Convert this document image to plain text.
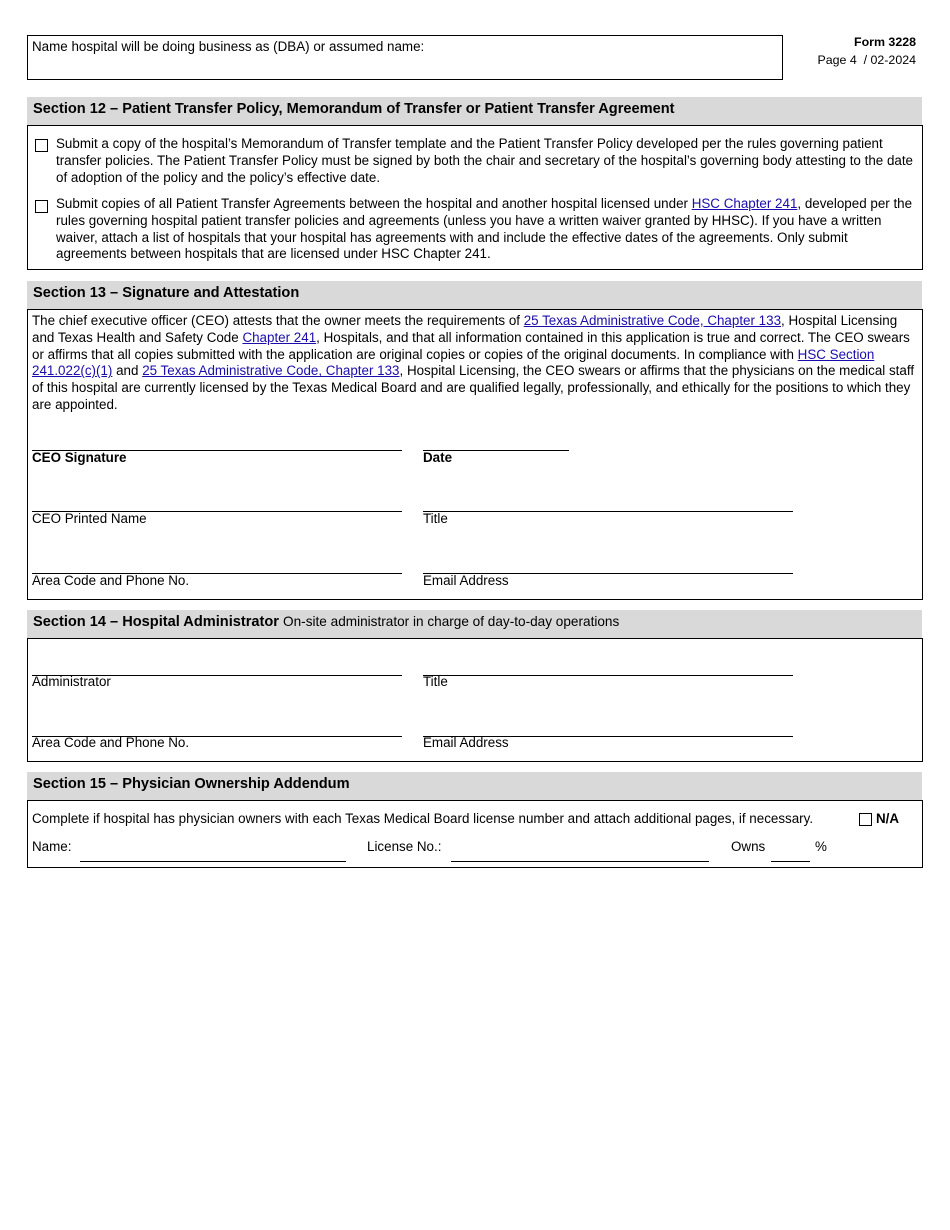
Name hospital will be doing business as (DBA) or assumed name:	Form 3228
Page 4  / 02-2024
Section 12 – Patient Transfer Policy, Memorandum of Transfer or Patient Transfer Agreement
Submit a copy of the hospital’s Memorandum of Transfer template and the Patient Transfer Policy developed per the rules governing patient transfer policies. The Patient Transfer Policy must be signed by both the chair and secretary of the hospital’s governing body attesting to the date of adoption of the policy and the policy’s effective date.
Submit copies of all Patient Transfer Agreements between the hospital and another hospital licensed under HSC Chapter 241, developed per the rules governing hospital patient transfer policies and agreements (unless you have a written waiver granted by HHSC). If you have a written waiver, attach a list of hospitals that your hospital has agreements with and include the effective dates of the agreements. Only submit agreements between hospitals that are licensed under HSC Chapter 241.
Section 13 – Signature and Attestation
The chief executive officer (CEO) attests that the owner meets the requirements of 25 Texas Administrative Code, Chapter 133, Hospital Licensing and Texas Health and Safety Code Chapter 241, Hospitals, and that all information contained in this application is true and correct. The CEO swears or affirms that all copies submitted with the application are original copies or copies of the original documents. In compliance with HSC Section 241.022(c)(1) and 25 Texas Administrative Code, Chapter 133, Hospital Licensing, the CEO swears or affirms that the physicians on the medical staff of this hospital are currently licensed by the Texas Medical Board and are qualified legally, professionally, and ethically for the positions to which they are appointed.
CEO Signature	Date
CEO Printed Name	Title
Area Code and Phone No.	Email Address
Section 14 – Hospital Administrator On-site administrator in charge of day-to-day operations
Administrator	Title
Area Code and Phone No.	Email Address
Section 15 – Physician Ownership Addendum
Complete if hospital has physician owners with each Texas Medical Board license number and attach additional pages, if necessary.	N/A
Name:	License No.:	Owns	%
